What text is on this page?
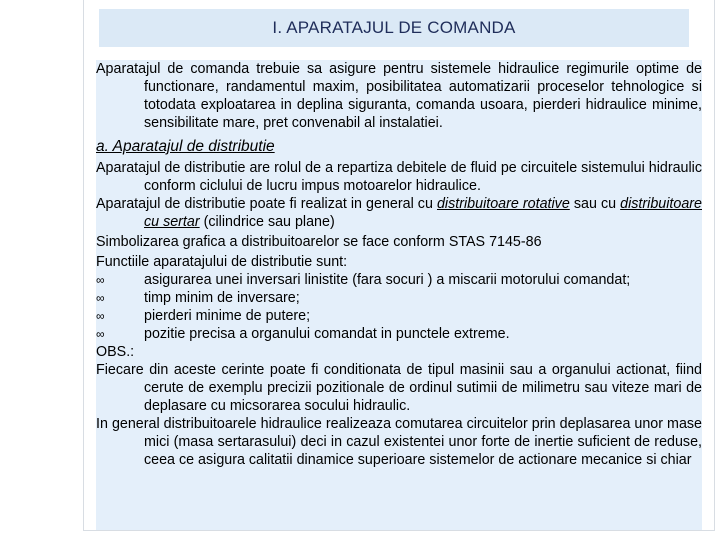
I. APARATAJUL DE COMANDA

Aparatajul de comanda trebuie sa asigure pentru sistemele hidraulice regimurile optime de functionare, randamentul maxim, posibilitatea automatizarii proceselor tehnologice si totodata exploatarea in deplina siguranta, comanda usoara, pierderi hidraulice minime, sensibilitate mare, pret convenabil al instalatiei.

a. Aparatajul de distributie

Aparatajul de distributie are rolul de a repartiza debitele de fluid pe circuitele sistemului hidraulic conform ciclului de lucru impus motoarelor hidraulice.

Aparatajul de distributie poate fi realizat in general cu distribuitoare rotative sau cu distribuitoare cu sertar (cilindrice sau plane)

Simbolizarea grafica a distribuitoarelor se face conform STAS 7145-86

Functiile aparatajului de distributie sunt:

∞	asigurarea unei inversari linistite (fara socuri ) a miscarii motorului comandat;
∞	timp minim de inversare;
∞	pierderi minime de putere;
∞	pozitie precisa a organului comandat in punctele extreme.

OBS.:

Fiecare din aceste cerinte poate fi conditionata de tipul masinii sau a organului actionat, fiind cerute de exemplu precizii pozitionale de ordinul sutimii de milimetru sau viteze mari de deplasare cu micsorarea socului hidraulic.

In general distribuitoarele hidraulice realizeaza comutarea circuitelor prin deplasarea unor mase mici (masa sertarasului) deci in cazul existentei unor forte de inertie suficient de reduse, ceea ce asigura calitatii dinamice superioare sistemelor de actionare mecanice si chiar
